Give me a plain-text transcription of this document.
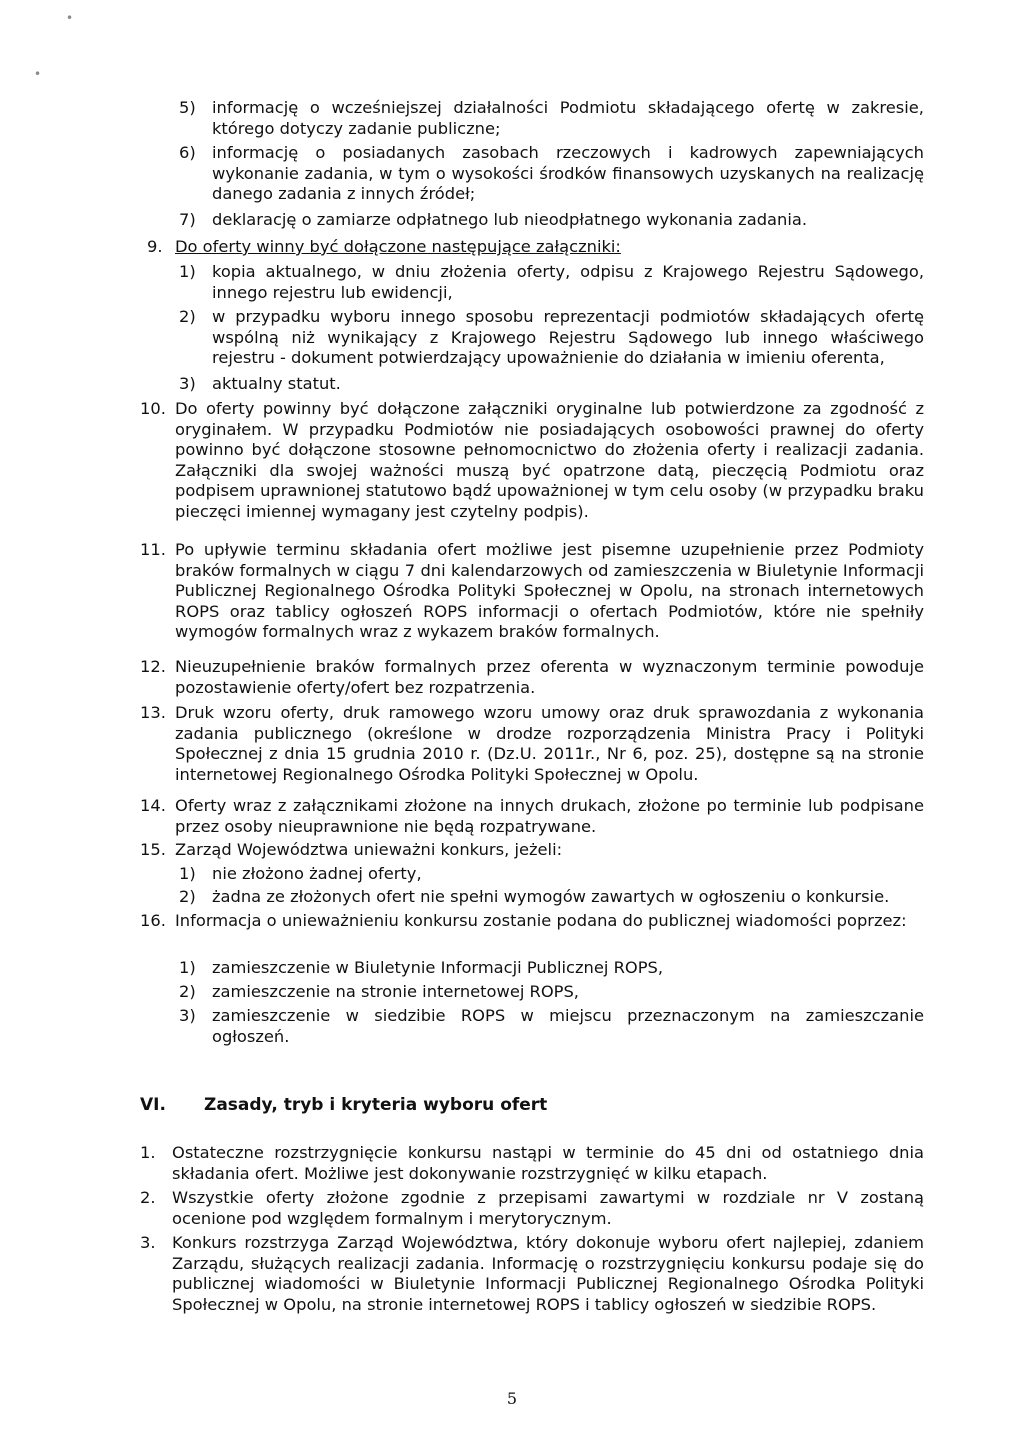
•
•
5) informację o wcześniejszej działalności Podmiotu składającego ofertę w zakresie, którego dotyczy zadanie publiczne;
6) informację o posiadanych zasobach rzeczowych i kadrowych zapewniających wykonanie zadania, w tym o wysokości środków finansowych uzyskanych na realizację danego zadania z innych źródeł;
7) deklarację o zamiarze odpłatnego lub nieodpłatnego wykonania zadania.
9. Do oferty winny być dołączone następujące załączniki:
1) kopia aktualnego, w dniu złożenia oferty, odpisu z Krajowego Rejestru Sądowego, innego rejestru lub ewidencji,
2) w przypadku wyboru innego sposobu reprezentacji podmiotów składających ofertę wspólną niż wynikający z Krajowego Rejestru Sądowego lub innego właściwego rejestru - dokument potwierdzający upoważnienie do działania w imieniu oferenta,
3) aktualny statut.
10. Do oferty powinny być dołączone załączniki oryginalne lub potwierdzone za zgodność z oryginałem. W przypadku Podmiotów nie posiadających osobowości prawnej do oferty powinno być dołączone stosowne pełnomocnictwo do złożenia oferty i realizacji zadania. Załączniki dla swojej ważności muszą być opatrzone datą, pieczęcią Podmiotu oraz podpisem uprawnionej statutowo bądź upoważnionej w tym celu osoby (w przypadku braku pieczęci imiennej wymagany jest czytelny podpis).
11. Po upływie terminu składania ofert możliwe jest pisemne uzupełnienie przez Podmioty braków formalnych w ciągu 7 dni kalendarzowych od zamieszczenia w Biuletynie Informacji Publicznej Regionalnego Ośrodka Polityki Społecznej w Opolu, na stronach internetowych ROPS oraz tablicy ogłoszeń ROPS informacji o ofertach Podmiotów, które nie spełniły wymogów formalnych wraz z wykazem braków formalnych.
12. Nieuzupełnienie braków formalnych przez oferenta w wyznaczonym terminie powoduje pozostawienie oferty/ofert bez rozpatrzenia.
13. Druk wzoru oferty, druk ramowego wzoru umowy oraz druk sprawozdania z wykonania zadania publicznego (określone w drodze rozporządzenia Ministra Pracy i Polityki Społecznej z dnia 15 grudnia 2010 r. (Dz.U. 2011r., Nr 6, poz. 25), dostępne są na stronie internetowej Regionalnego Ośrodka Polityki Społecznej w Opolu.
14. Oferty wraz z załącznikami złożone na innych drukach, złożone po terminie lub podpisane przez osoby nieuprawnione nie będą rozpatrywane.
15. Zarząd Województwa unieważni konkurs, jeżeli:
1) nie złożono żadnej oferty,
2) żadna ze złożonych ofert nie spełni wymogów zawartych w ogłoszeniu o konkursie.
16. Informacja o unieważnieniu konkursu zostanie podana do publicznej wiadomości poprzez:
1) zamieszczenie w Biuletynie Informacji Publicznej ROPS,
2) zamieszczenie na stronie internetowej ROPS,
3) zamieszczenie w siedzibie ROPS w miejscu przeznaczonym na zamieszczanie ogłoszeń.
VI. Zasady, tryb i kryteria wyboru ofert
1. Ostateczne rozstrzygnięcie konkursu nastąpi w terminie do 45 dni od ostatniego dnia składania ofert. Możliwe jest dokonywanie rozstrzygnięć w kilku etapach.
2. Wszystkie oferty złożone zgodnie z przepisami zawartymi w rozdziale nr V zostaną ocenione pod względem formalnym i merytorycznym.
3. Konkurs rozstrzyga Zarząd Województwa, który dokonuje wyboru ofert najlepiej, zdaniem Zarządu, służących realizacji zadania. Informację o rozstrzygnięciu konkursu podaje się do publicznej wiadomości w Biuletynie Informacji Publicznej Regionalnego Ośrodka Polityki Społecznej w Opolu, na stronie internetowej ROPS i tablicy ogłoszeń w siedzibie ROPS.
5
